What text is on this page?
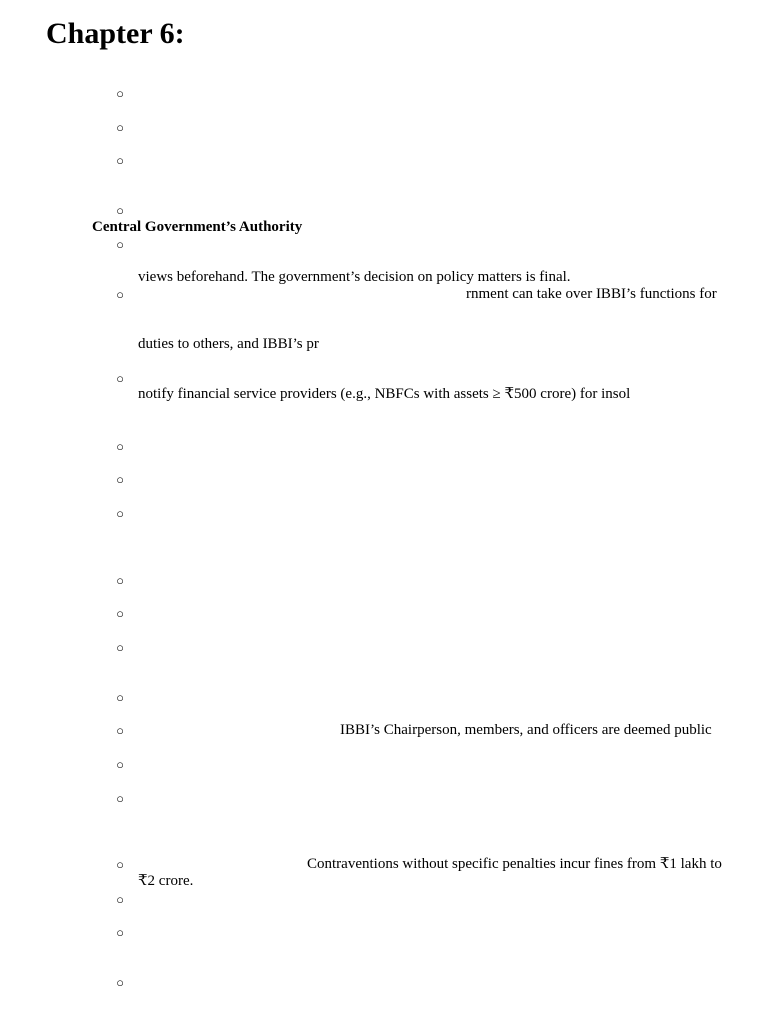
Chapter 6:
○
○
○
○
Central Government’s Authority
○
views beforehand. The government’s decision on policy matters is final.
○	rnment can take over IBBI’s functions for
duties to others, and IBBI’s pr
○
notify financial service providers (e.g., NBFCs with assets ≥ ₹500 crore) for insol
○
○
○
○
○
○
○
○	IBBI’s Chairperson, members, and officers are deemed public
○
○
○	Contraventions without specific penalties incur fines from ₹1 lakh to
₹2 crore.
○
○
○
